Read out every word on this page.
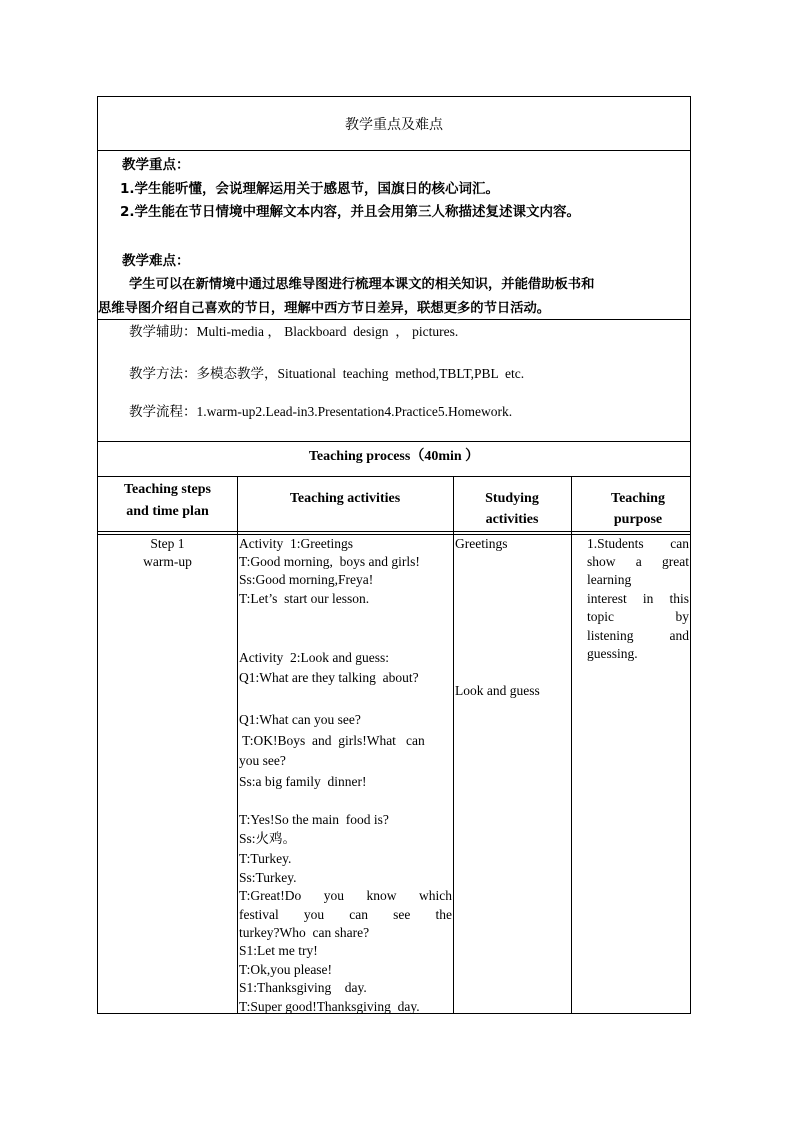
教学重点及难点
教学重点：
1.学生能听懂，会说理解运用关于感恩节，国旗日的核心词汇。
2.学生能在节日情境中理解文本内容，并且会用第三人称描述复述课文内容。
教学难点：
学生可以在新情境中通过思维导图进行梳理本课文的相关知识，并能借助板书和
思维导图介绍自己喜欢的节日，理解中西方节日差异，联想更多的节日活动。
教学辅助：Multi-media ， Blackboard  design  ， pictures.
教学方法：多模态教学，Situational  teaching  method,TBLT,PBL  etc.
教学流程：1.warm-up2.Lead-in3.Presentation4.Practice5.Homework.
Teaching process（40min ）
Teaching steps
and time plan
Teaching activities	Studying
activities
Teaching
purpose
Step 1
warm-up
Activity  1:Greetings
T:Good morning,  boys and girls!
Ss:Good morning,Freya!
T:Let’s  start our lesson.
Activity  2:Look and guess:
Q1:What are they talking  about?
Q1:What can you see?
T:OK!Boys  and  girls!What   can
you see?
Ss:a big family  dinner!
T:Yes!So the main  food is?
Ss:火鸡。
T:Turkey.
Ss:Turkey.
T:Great!Do you know which
festival you can see the
turkey?Who  can share?
S1:Let me try!
T:Ok,you please!
S1:Thanksgiving    day.
T:Super good!Thanksgiving  day.
Greetings
Look and guess
1.Students can
show a great
learning
interest in this
topic by
listening and
guessing.
